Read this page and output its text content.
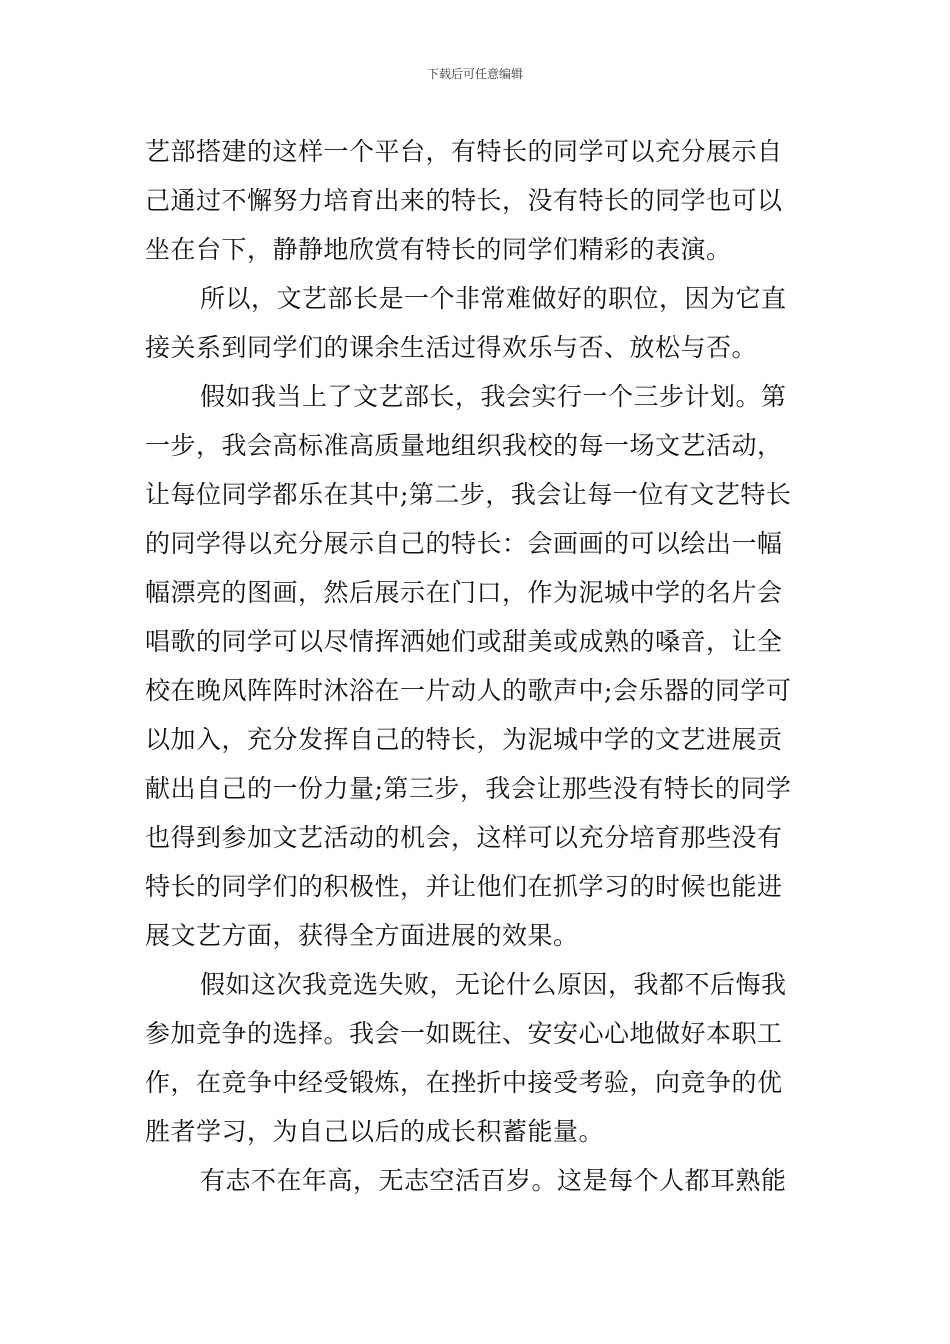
下载后可任意编辑
艺部搭建的这样一个平台，有特长的同学可以充分展示自
己通过不懈努力培育出来的特长，没有特长的同学也可以
坐在台下，静静地欣赏有特长的同学们精彩的表演。
所以，文艺部长是一个非常难做好的职位，因为它直
接关系到同学们的课余生活过得欢乐与否、放松与否。
假如我当上了文艺部长，我会实行一个三步计划。第
一步，我会高标准高质量地组织我校的每一场文艺活动，
让每位同学都乐在其中;第二步，我会让每一位有文艺特长
的同学得以充分展示自己的特长：会画画的可以绘出一幅
幅漂亮的图画，然后展示在门口，作为泥城中学的名片会
唱歌的同学可以尽情挥洒她们或甜美或成熟的嗓音，让全
校在晚风阵阵时沐浴在一片动人的歌声中;会乐器的同学可
以加入，充分发挥自己的特长，为泥城中学的文艺进展贡
献出自己的一份力量;第三步，我会让那些没有特长的同学
也得到参加文艺活动的机会，这样可以充分培育那些没有
特长的同学们的积极性，并让他们在抓学习的时候也能进
展文艺方面，获得全方面进展的效果。
假如这次我竞选失败，无论什么原因，我都不后悔我
参加竞争的选择。我会一如既往、安安心心地做好本职工
作，在竞争中经受锻炼，在挫折中接受考验，向竞争的优
胜者学习，为自己以后的成长积蓄能量。
有志不在年高，无志空活百岁。这是每个人都耳熟能
